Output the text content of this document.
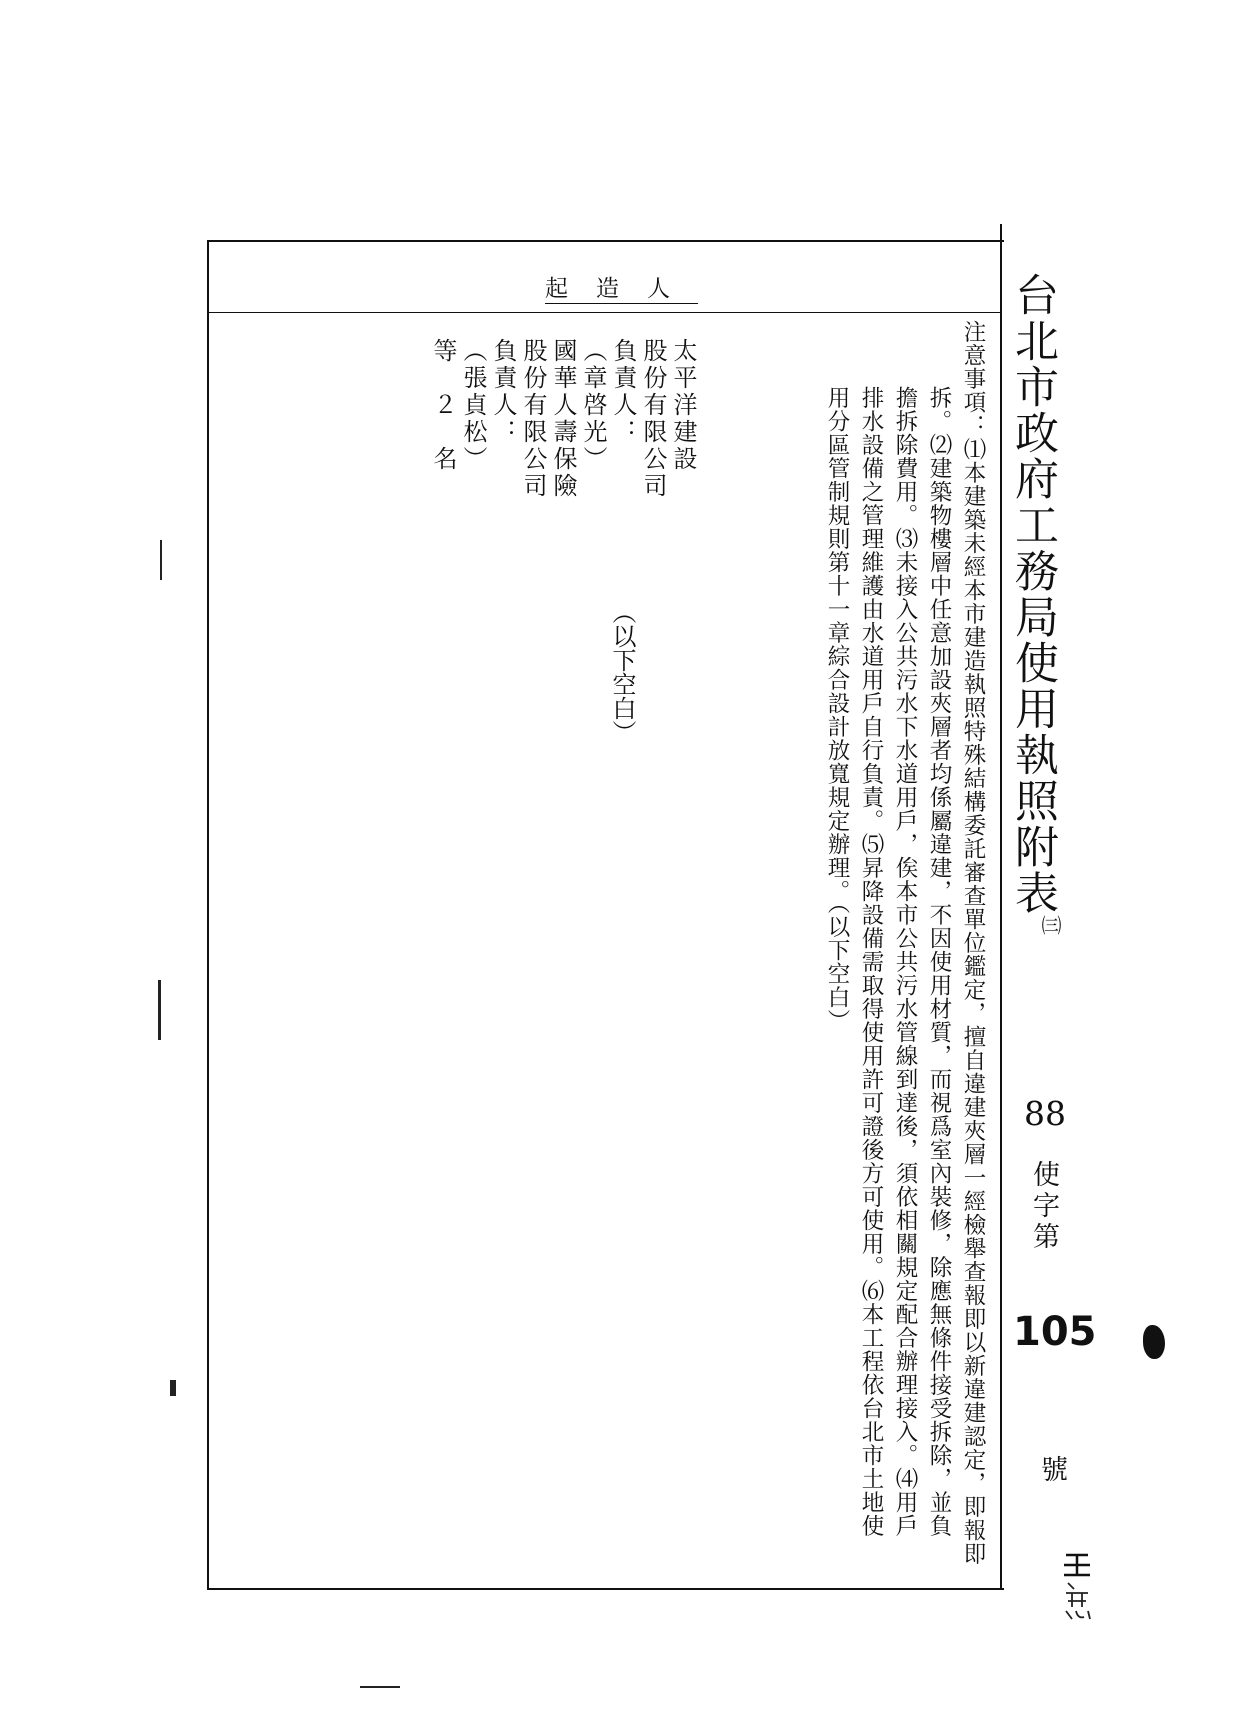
起造人	台北市政府工務局使用執照附表
㈢
88
使字第
105
號

注意事項：⑴本建築未經本市建造執照特殊結構委託審查單位鑑定，擅自違建夾層一經檢舉查報即以新違建認定，即報即

拆。⑵建築物樓層中任意加設夾層者均係屬違建，不因使用材質，而視爲室內裝修，除應無條件接受拆除，並負

擔拆除費用。⑶未接入公共污水下水道用戶，俟本市公共污水管線到達後，須依相關規定配合辦理接入。⑷用戶

排水設備之管理維護由水道用戶自行負責。⑸昇降設備需取得使用許可證後方可使用。⑹本工程依台北市土地使

用分區管制規則第十一章綜合設計放寬規定辦理。（以下空白）

太平洋建設

股份有限公司

負責人：

（章啓光）

國華人壽保險

股份有限公司

負責人：

（張貞松）

等　２　名

（以下空白）
